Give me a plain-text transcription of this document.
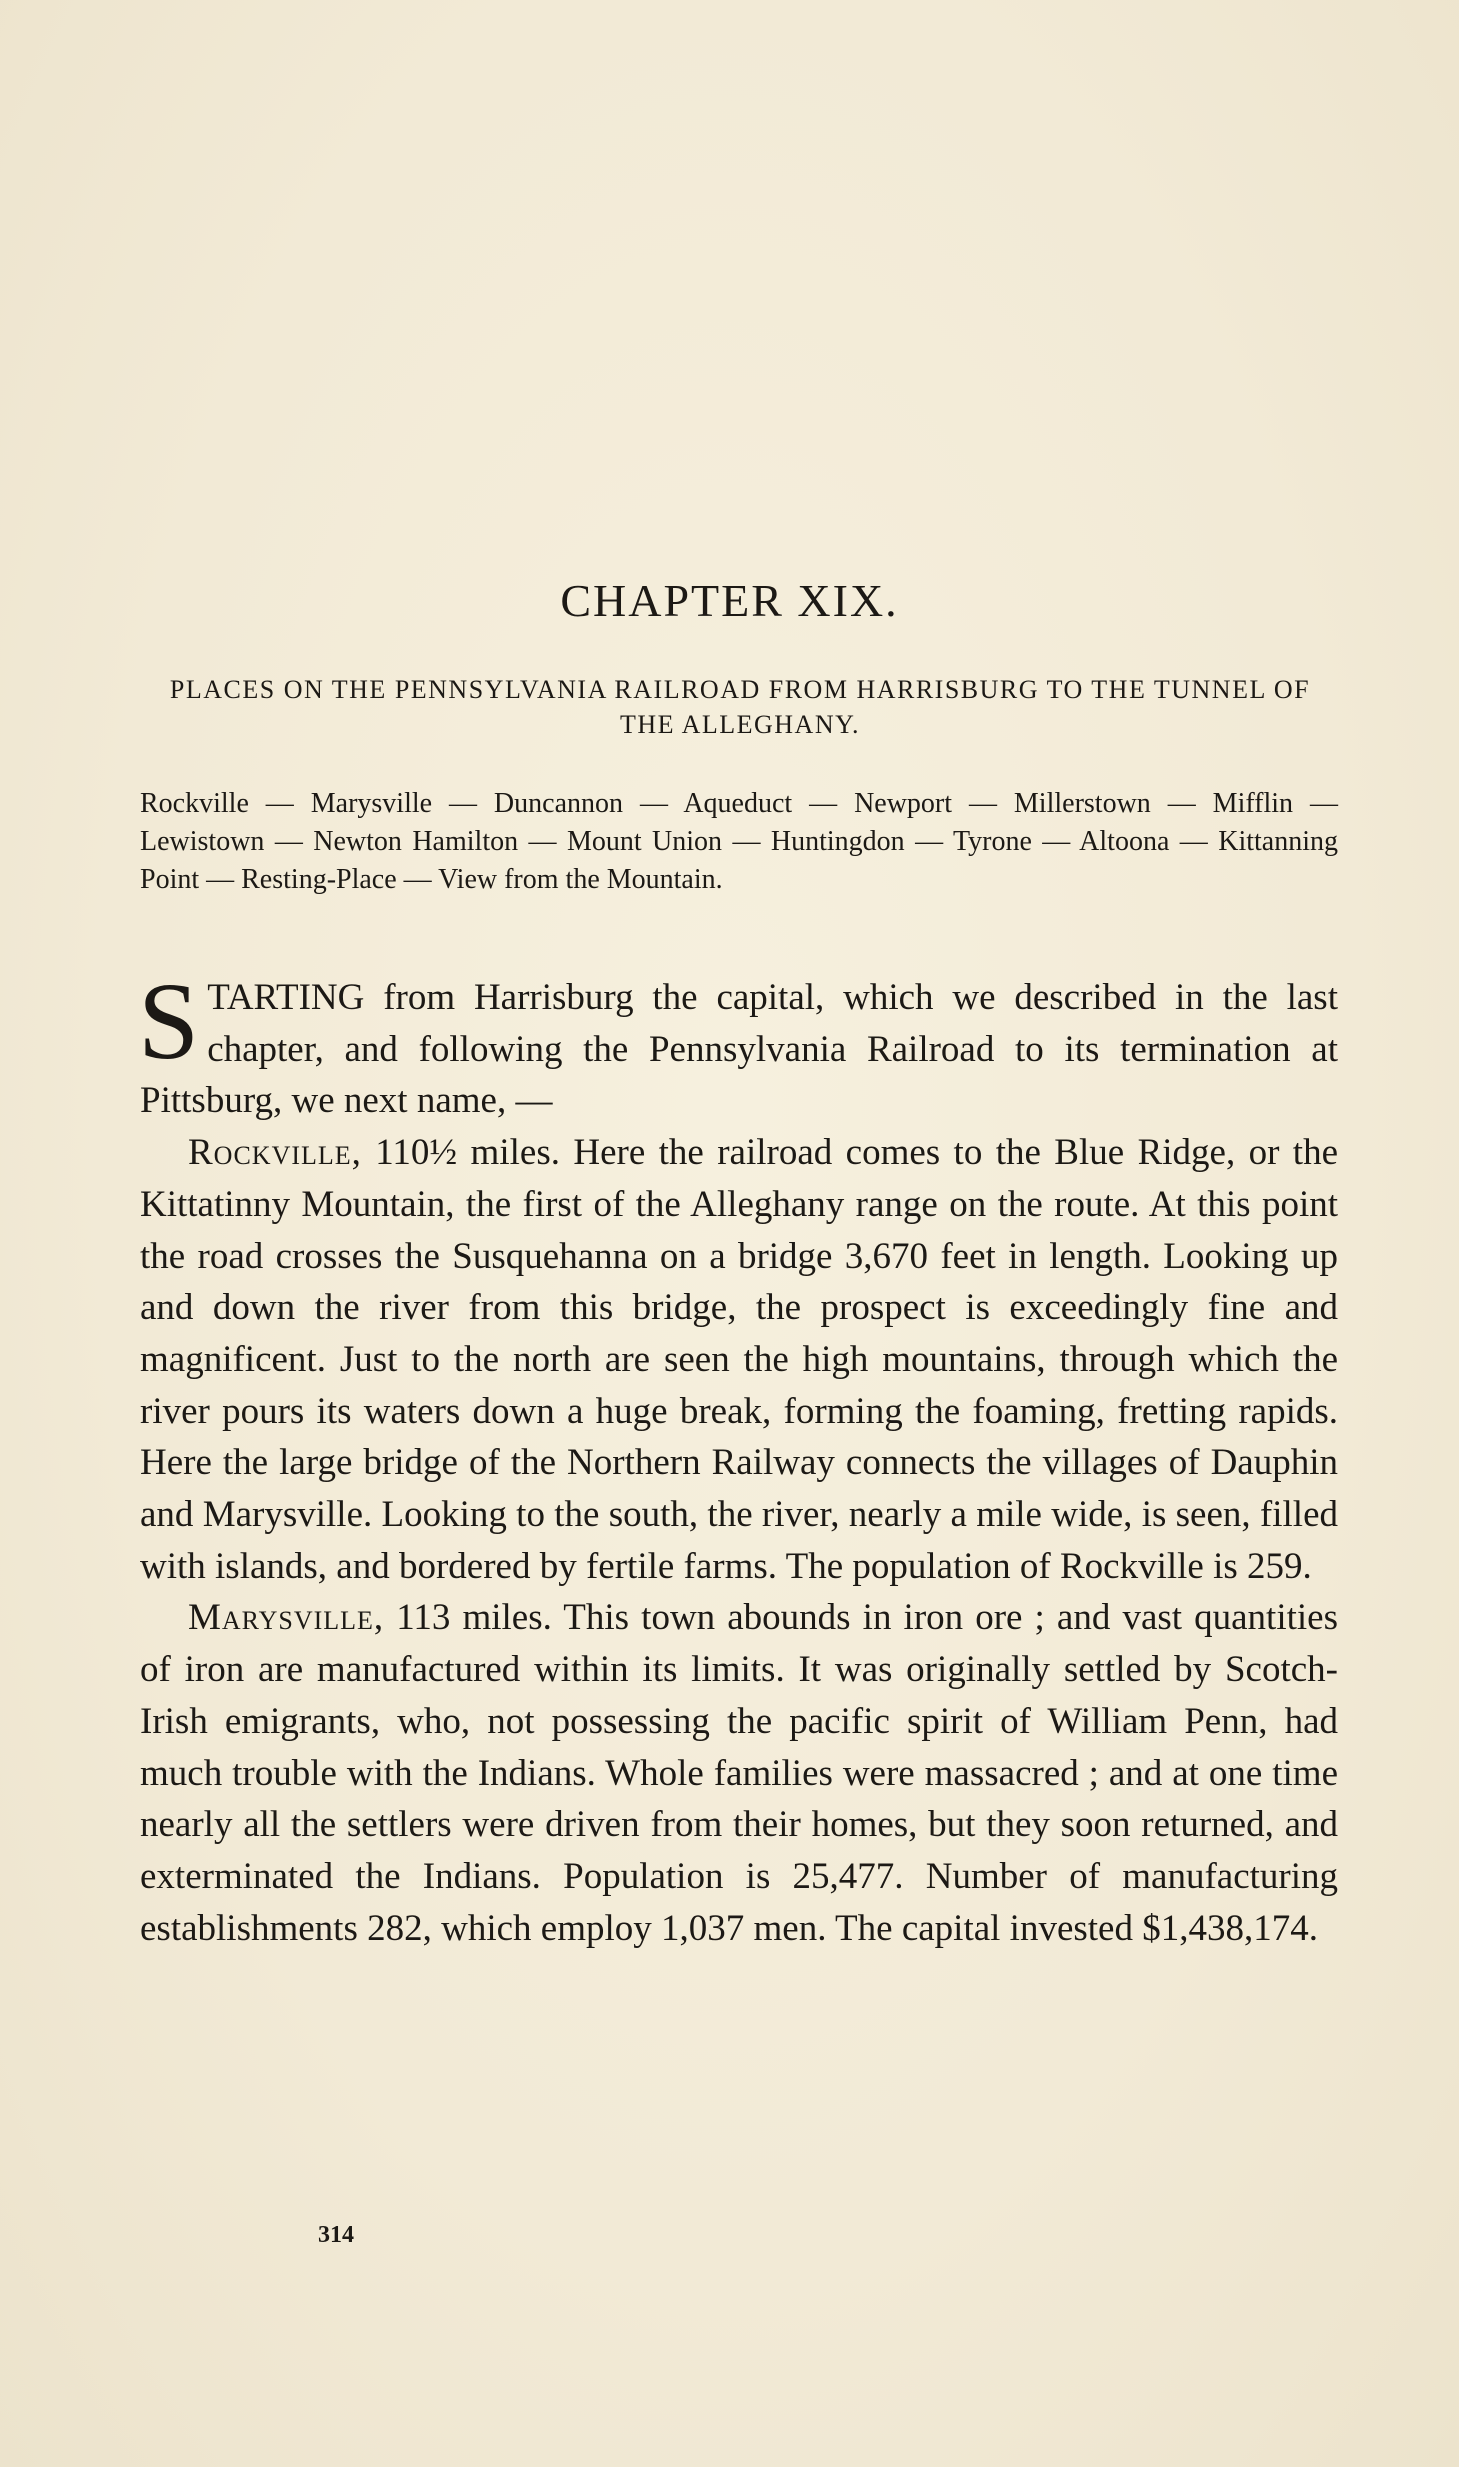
CHAPTER XIX.

PLACES ON THE PENNSYLVANIA RAILROAD FROM HARRISBURG TO THE TUNNEL OF THE ALLEGHANY.

Rockville — Marysville — Duncannon — Aqueduct — Newport — Millerstown — Mifflin — Lewistown — Newton Hamilton — Mount Union — Huntingdon — Tyrone — Altoona — Kittanning Point — Resting-Place — View from the Mountain.

STARTING from Harrisburg the capital, which we described in the last chapter, and following the Pennsylvania Railroad to its termination at Pittsburg, we next name, —

Rockville, 110½ miles. Here the railroad comes to the Blue Ridge, or the Kittatinny Mountain, the first of the Alleghany range on the route. At this point the road crosses the Susquehanna on a bridge 3,670 feet in length. Looking up and down the river from this bridge, the prospect is exceedingly fine and magnificent. Just to the north are seen the high mountains, through which the river pours its waters down a huge break, forming the foaming, fretting rapids. Here the large bridge of the Northern Railway connects the villages of Dauphin and Marysville. Looking to the south, the river, nearly a mile wide, is seen, filled with islands, and bordered by fertile farms. The population of Rockville is 259.

Marysville, 113 miles. This town abounds in iron ore ; and vast quantities of iron are manufactured within its limits. It was originally settled by Scotch-Irish emigrants, who, not possessing the pacific spirit of William Penn, had much trouble with the Indians. Whole families were massacred ; and at one time nearly all the settlers were driven from their homes, but they soon returned, and exterminated the Indians. Population is 25,477. Number of manufacturing establishments 282, which employ 1,037 men. The capital invested $1,438,174.

314
